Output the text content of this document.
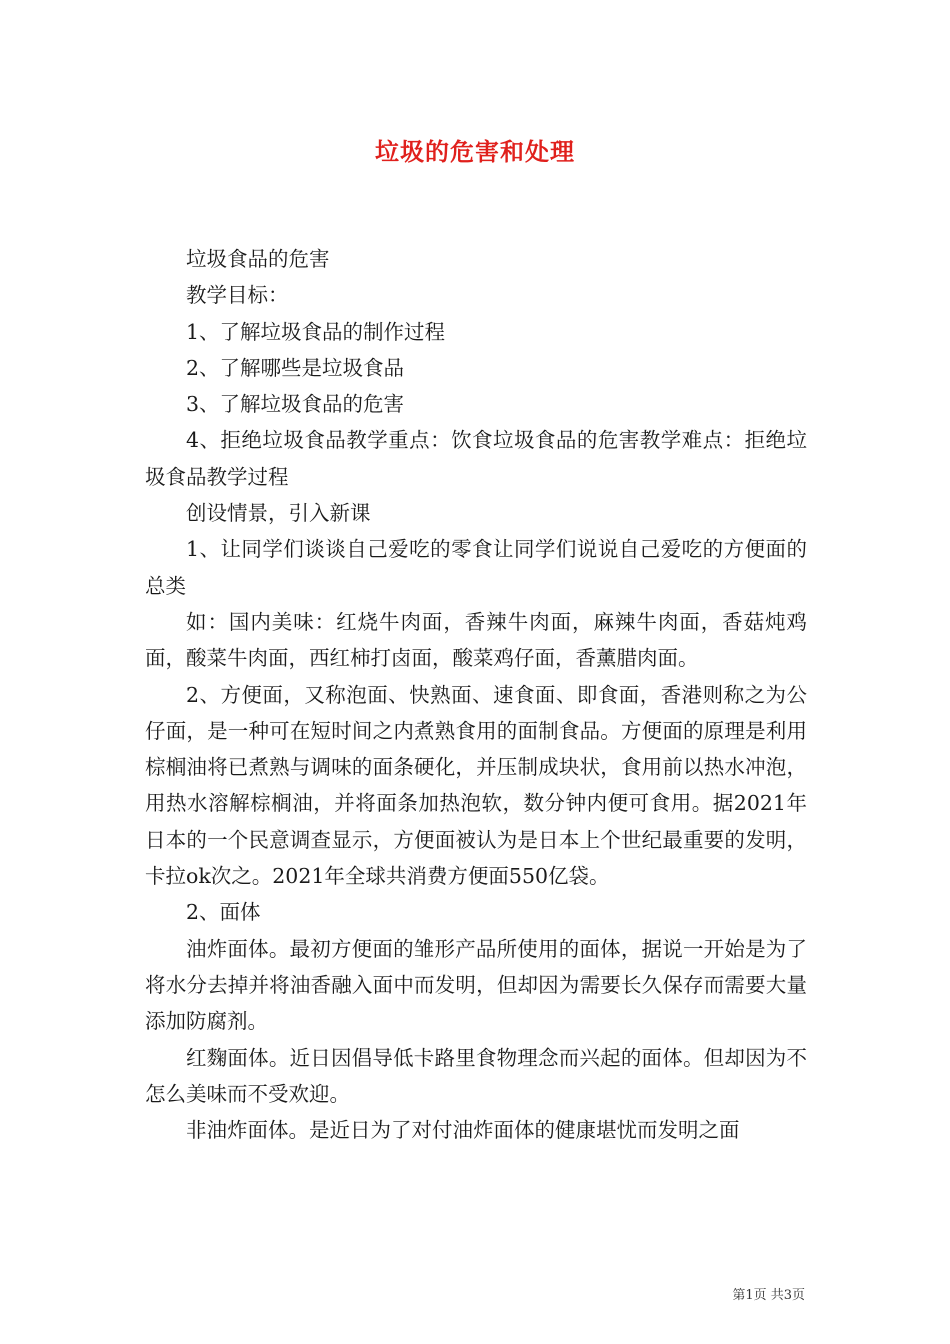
垃圾的危害和处理

垃圾食品的危害

教学目标：

1、了解垃圾食品的制作过程

2、了解哪些是垃圾食品

3、了解垃圾食品的危害

4、拒绝垃圾食品教学重点：饮食垃圾食品的危害教学难点：拒绝垃圾食品教学过程

创设情景，引入新课

1、让同学们谈谈自己爱吃的零食让同学们说说自己爱吃的方便面的总类

如：国内美味：红烧牛肉面，香辣牛肉面，麻辣牛肉面，香菇炖鸡面，酸菜牛肉面，西红柿打卤面，酸菜鸡仔面，香薰腊肉面。

2、方便面，又称泡面、快熟面、速食面、即食面，香港则称之为公仔面，是一种可在短时间之内煮熟食用的面制食品。方便面的原理是利用棕榈油将已煮熟与调味的面条硬化，并压制成块状，食用前以热水冲泡，用热水溶解棕榈油，并将面条加热泡软，数分钟内便可食用。据2021年日本的一个民意调查显示，方便面被认为是日本上个世纪最重要的发明，卡拉ok次之。2021年全球共消费方便面550亿袋。

2、面体

油炸面体。最初方便面的雏形产品所使用的面体，据说一开始是为了将水分去掉并将油香融入面中而发明，但却因为需要长久保存而需要大量添加防腐剂。

红麴面体。近日因倡导低卡路里食物理念而兴起的面体。但却因为不怎么美味而不受欢迎。

非油炸面体。是近日为了对付油炸面体的健康堪忧而发明之面

第1页 共3页
